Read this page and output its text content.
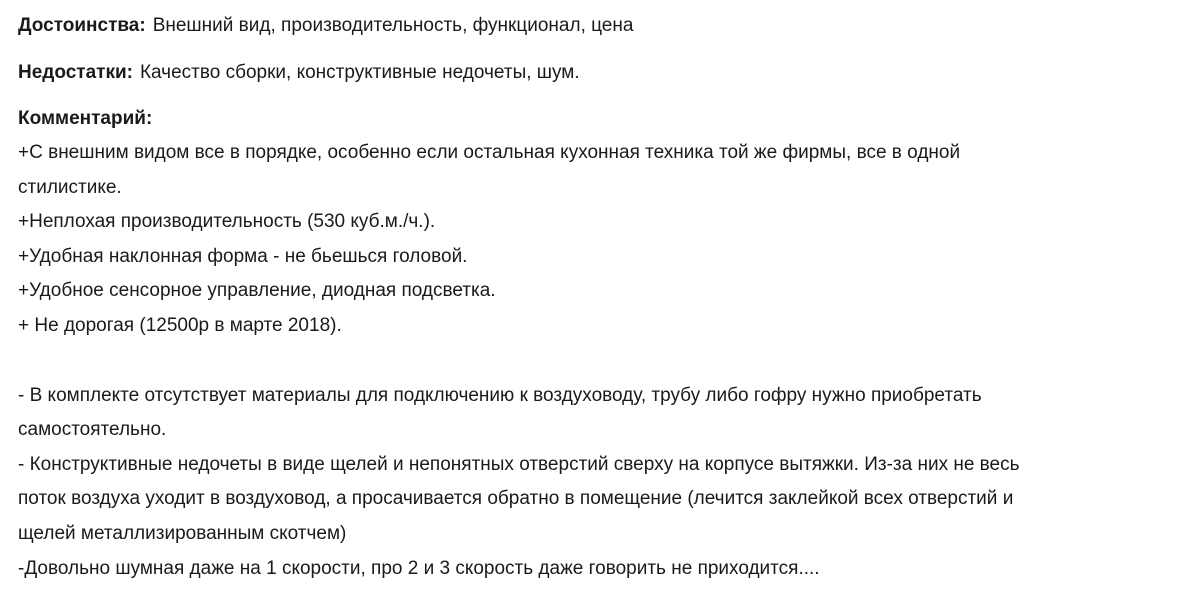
Достоинства: Внешний вид, производительность, функционал, цена
Недостатки: Качество сборки, конструктивные недочеты, шум.
Комментарий:
+С внешним видом все в порядке, особенно если остальная кухонная техника той же фирмы, все в одной
стилистике.
+Неплохая производительность (530 куб.м./ч.).
+Удобная наклонная форма - не бьешься головой.
+Удобное сенсорное управление, диодная подсветка.
+ Не дорогая (12500р в марте 2018).
- В комплекте отсутствует материалы для подключению к воздуховоду, трубу либо гофру нужно приобретать
самостоятельно.
- Конструктивные недочеты в виде щелей и непонятных отверстий сверху на корпусе вытяжки. Из-за них не весь
поток воздуха уходит в воздуховод, а просачивается обратно в помещение (лечится заклейкой всех отверстий и
щелей металлизированным скотчем)
-Довольно шумная даже на 1 скорости, про 2 и 3 скорость даже говорить не приходится....
